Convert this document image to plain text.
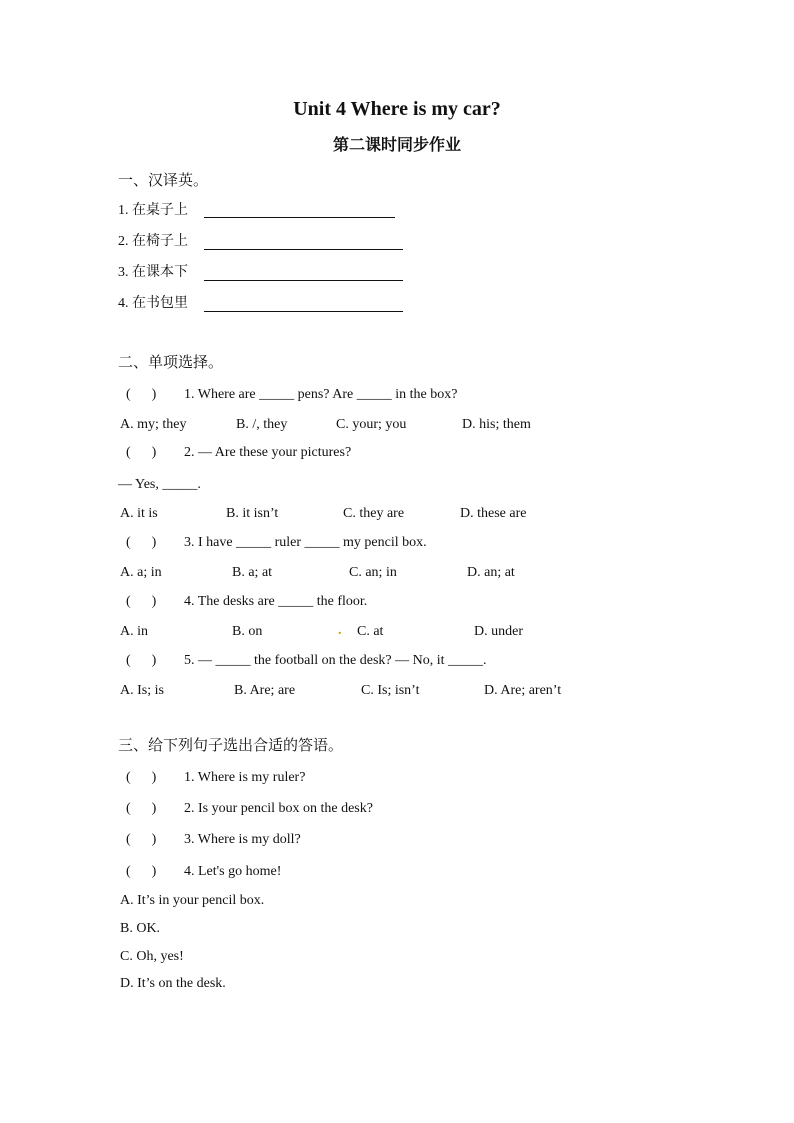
Unit 4 Where is my car?
第二课时同步作业
一、汉译英。
1. 在桌子上
2. 在椅子上
3. 在课本下
4. 在书包里
二、单项选择。
(      ) 1. Where are _____ pens? Are _____ in the box?
A. my; they	B. /, they	C. your; you	D. his; them
(      ) 2. — Are these your pictures?
— Yes, _____.
A. it is	B. it isn’t	C. they are	D. these are
(      ) 3. I have _____ ruler _____ my pencil box.
A. a; in	B. a; at	C. an; in	D. an; at
(      ) 4. The desks are _____ the floor.
A. in	B. on	. C. at	D. under
(      ) 5. — _____ the football on the desk? — No, it _____.
A. Is; is	B. Are; are	C. Is; isn’t	D. Are; aren’t
三、给下列句子选出合适的答语。
(      ) 1. Where is my ruler?
(      ) 2. Is your pencil box on the desk?
(      ) 3. Where is my doll?
(      ) 4. Let's go home!
A. It’s in your pencil box.
B. OK.
C. Oh, yes!
D. It’s on the desk.
